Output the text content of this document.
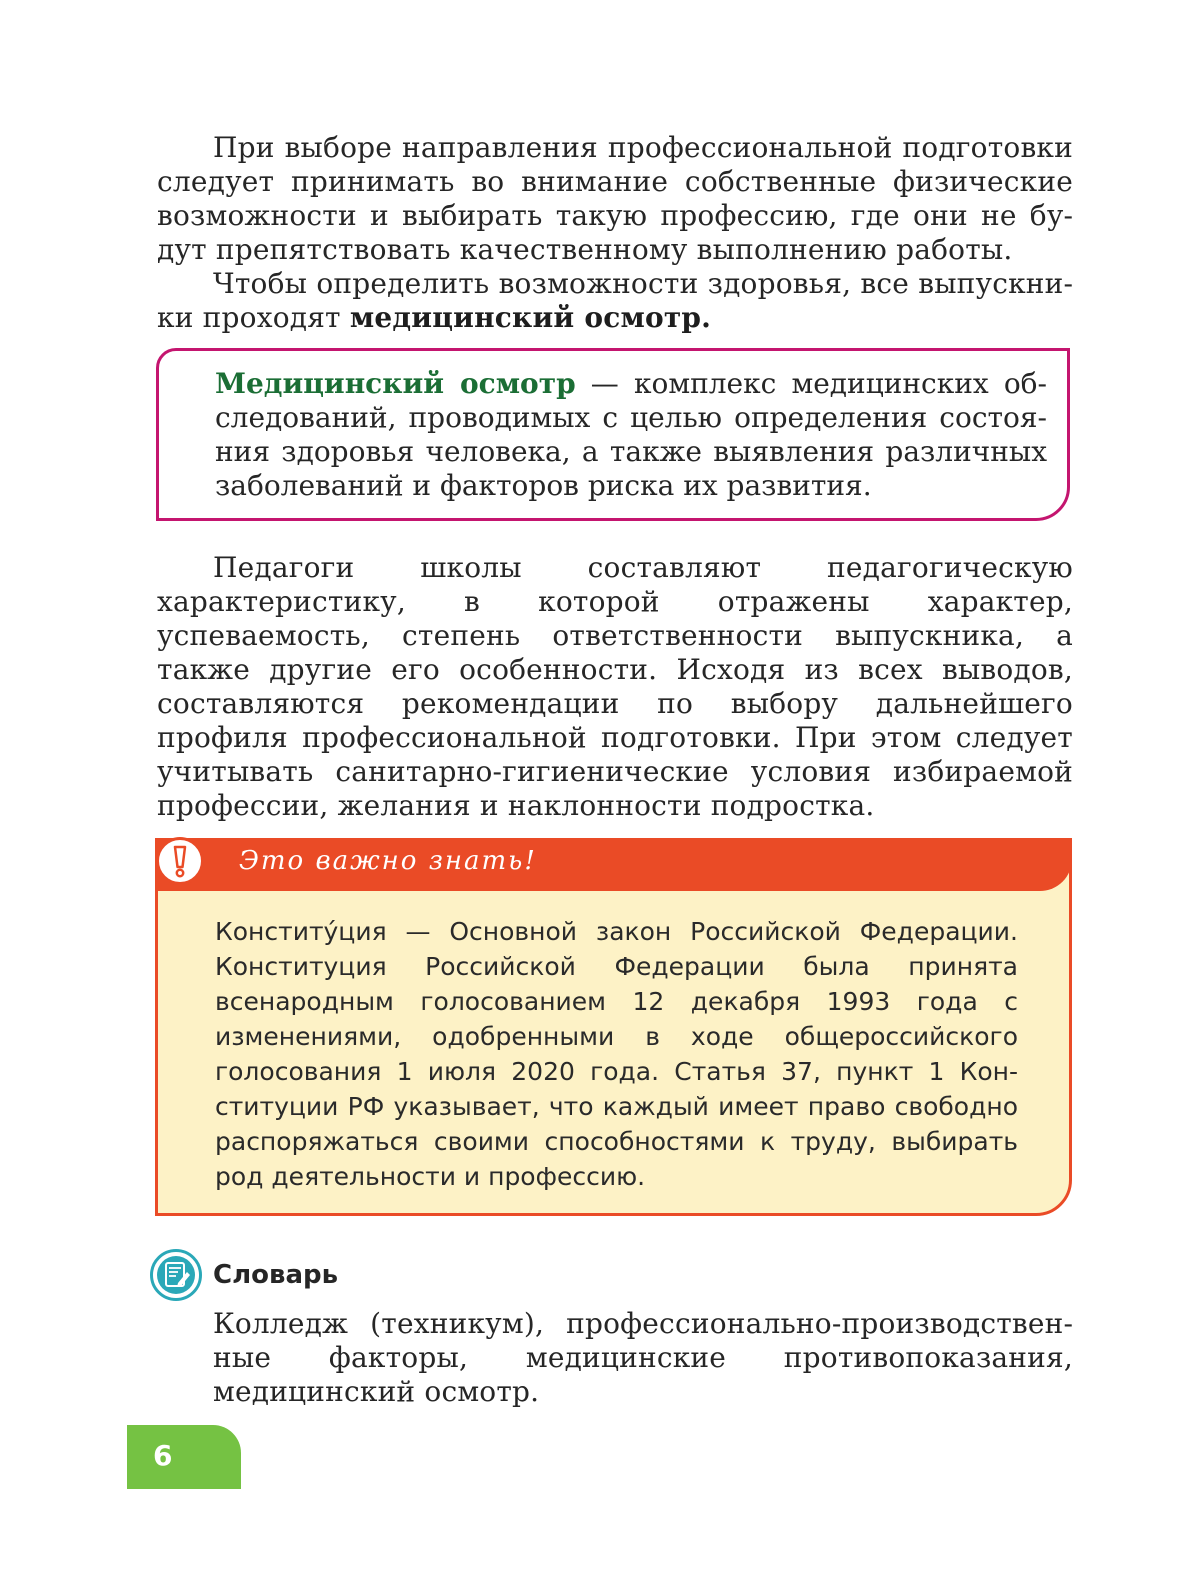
При выборе направления профессиональной подготовки следует принимать во внимание собственные физические возможности и выбирать такую профессию, где они не будут препятствовать качественному выполнению работы.

Чтобы определить возможности здоровья, все выпускники проходят медицинский осмотр.

Медицинский осмотр — комплекс медицинских обследований, проводимых с целью определения состояния здоровья человека, а также выявления различных заболеваний и факторов риска их развития.

Педагоги школы составляют педагогическую характеристику, в которой отражены характер, успеваемость, степень ответственности выпускника, а также другие его особенности. Исходя из всех выводов, составляются рекомендации по выбору дальнейшего профиля профессиональной подготовки. При этом следует учитывать санитарно-гигиенические условия избираемой профессии, желания и наклонности подростка.

Это важно знать!

Конститу́ция — Основной закон Российской Федерации. Конституция Российской Федерации была принята всенародным голосованием 12 декабря 1993 года с изменениями, одобренными в ходе общероссийского голосования 1 июля 2020 года. Статья 37, пункт 1 Конституции РФ указывает, что каждый имеет право свободно распоряжаться своими способностями к труду, выбирать род деятельности и профессию.

Словарь

Колледж (техникум), профессионально-производственные факторы, медицинские противопоказания, медицинский осмотр.

6
